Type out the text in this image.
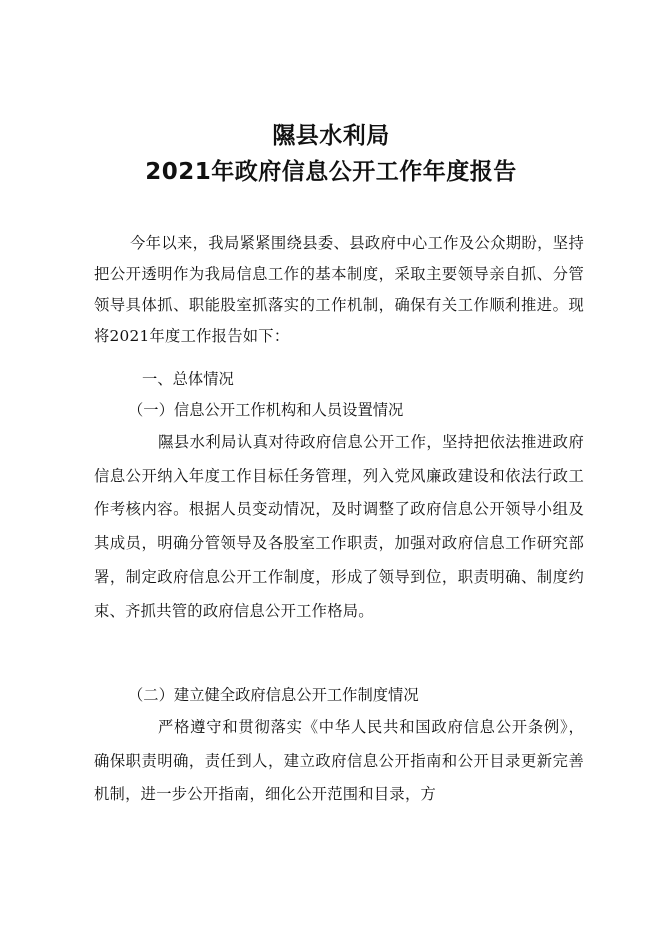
隰县水利局
2021年政府信息公开工作年度报告
今年以来，我局紧紧围绕县委、县政府中心工作及公众期盼，坚持把公开透明作为我局信息工作的基本制度，采取主要领导亲自抓、分管领导具体抓、职能股室抓落实的工作机制，确保有关工作顺利推进。现将2021年度工作报告如下：
一、总体情况
（一）信息公开工作机构和人员设置情况
隰县水利局认真对待政府信息公开工作，坚持把依法推进政府信息公开纳入年度工作目标任务管理，列入党风廉政建设和依法行政工作考核内容。根据人员变动情况，及时调整了政府信息公开领导小组及其成员，明确分管领导及各股室工作职责，加强对政府信息工作研究部署，制定政府信息公开工作制度，形成了领导到位，职责明确、制度约束、齐抓共管的政府信息公开工作格局。
（二）建立健全政府信息公开工作制度情况
严格遵守和贯彻落实《中华人民共和国政府信息公开条例》，确保职责明确，责任到人，建立政府信息公开指南和公开目录更新完善机制，进一步公开指南，细化公开范围和目录，方
